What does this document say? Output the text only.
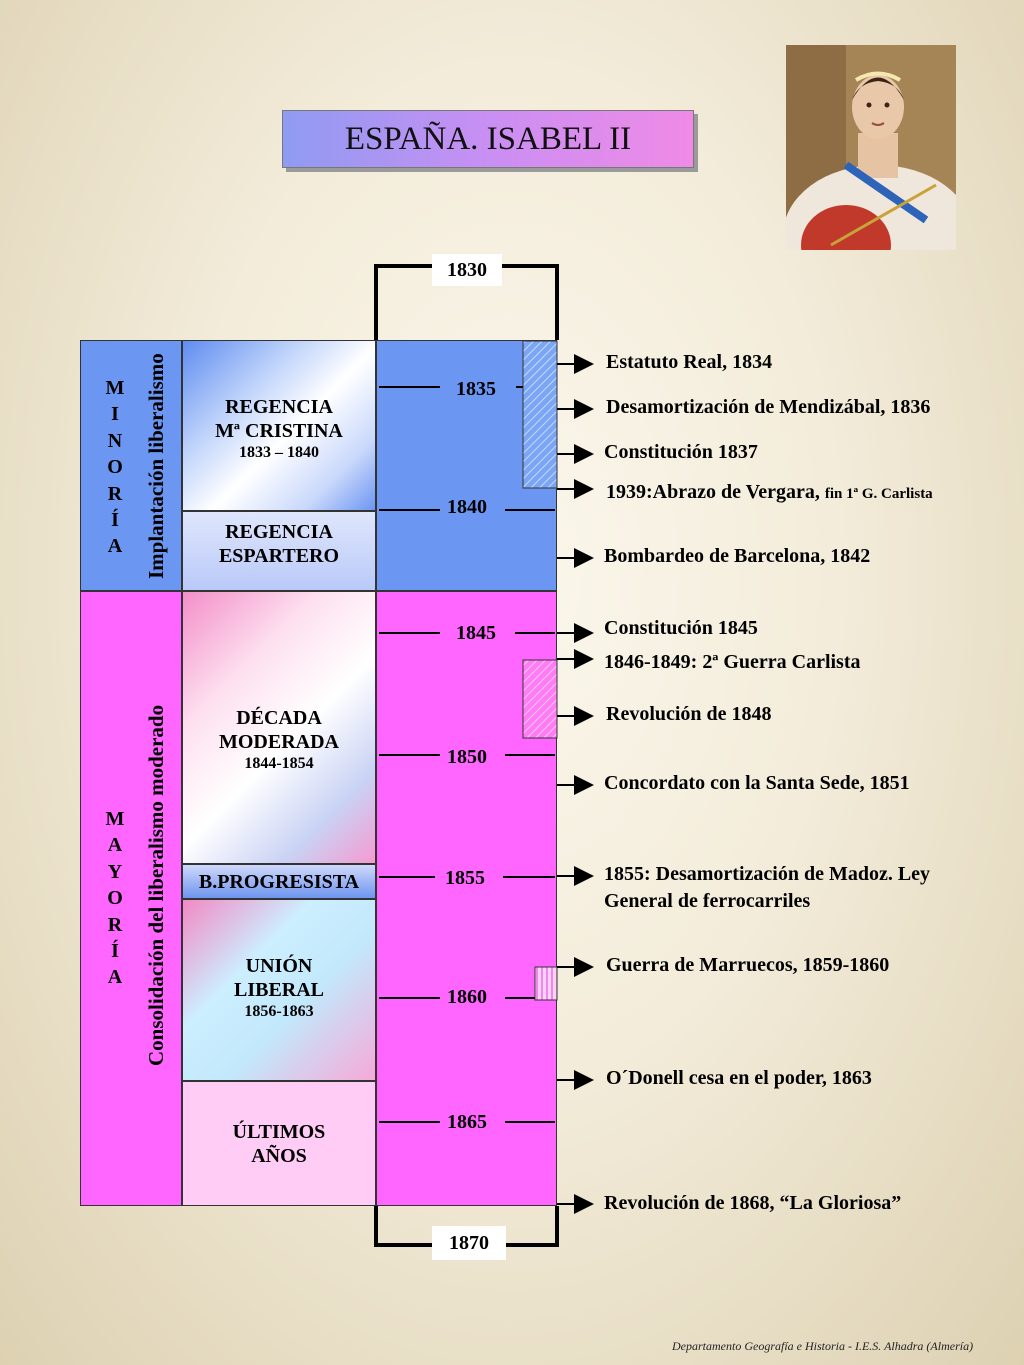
ESPAÑA. ISABEL II
M
I
N
O
R
Í
A Implantación liberalismo
M
A
Y
O
R
Í
A Consolidación del liberalismo moderado
REGENCIA
Mª CRISTINA
1833 – 1840
REGENCIA
ESPARTERO
DÉCADA
MODERADA
1844-1854
B.PROGRESISTA
UNIÓN
LIBERAL
1856-1863
ÚLTIMOS
AÑOS
1830
1870
1835
1840
1845
1850
1855
1860
1865
Estatuto Real, 1834
Desamortización de Mendizábal, 1836
Constitución 1837
1939:Abrazo de Vergara, fin 1ª G. Carlista
Bombardeo de Barcelona, 1842
Constitución 1845
1846-1849: 2ª Guerra Carlista
Revolución de 1848
Concordato con la Santa Sede, 1851
1855: Desamortización de Madoz. Ley
General de ferrocarriles
Guerra de Marruecos, 1859-1860
O´Donell cesa en el poder, 1863
Revolución de 1868, “La Gloriosa”
Departamento Geografía e Historia - I.E.S. Alhadra (Almería)
